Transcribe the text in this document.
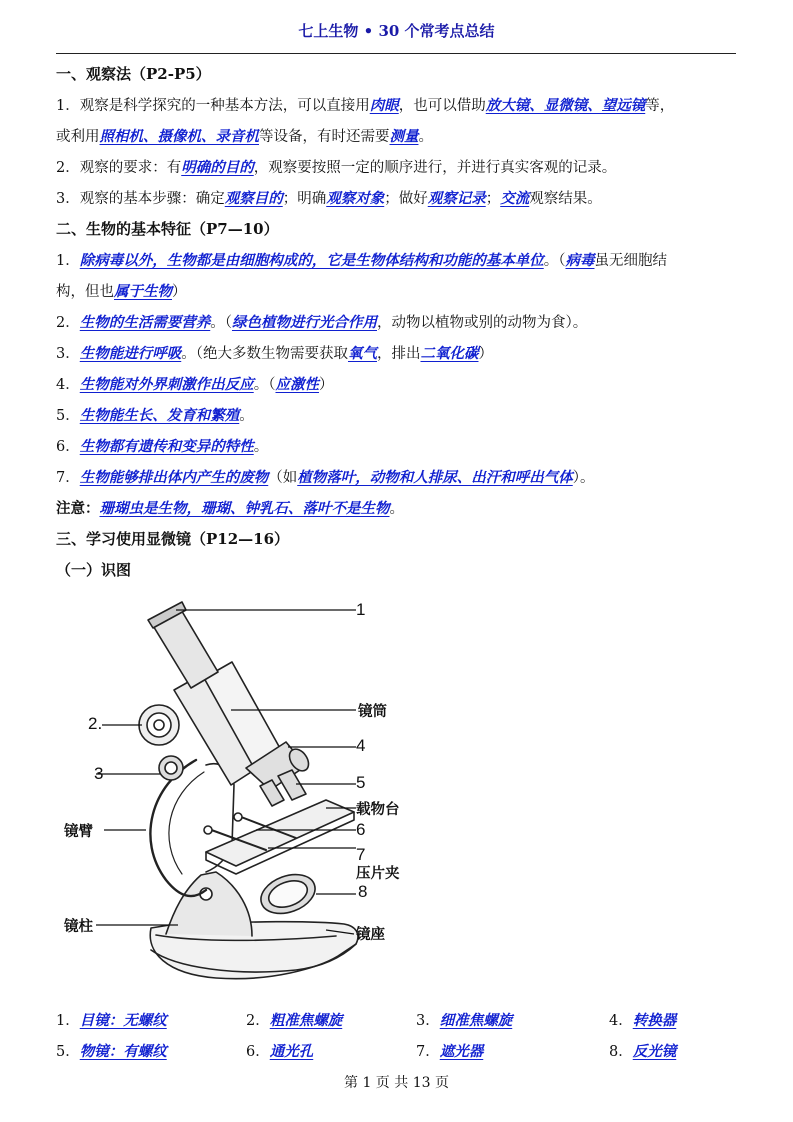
七上生物 • 30 个常考点总结
一、观察法（P2-P5）
1．观察是科学探究的一种基本方法，可以直接用肉眼，也可以借助放大镜、显微镜、望远镜等，
或利用照相机、摄像机、录音机等设备，有时还需要测量。
2．观察的要求：有明确的目的，观察要按照一定的顺序进行，并进行真实客观的记录。
3．观察的基本步骤：确定观察目的；明确观察对象；做好观察记录；交流观察结果。
二、生物的基本特征（P7—10）
1．除病毒以外，生物都是由细胞构成的，它是生物体结构和功能的基本单位。（病毒虽无细胞结
构，但也属于生物）
2．生物的生活需要营养。（绿色植物进行光合作用，动物以植物或别的动物为食）。
3．生物能进行呼吸。（绝大多数生物需要获取氧气，排出二氧化碳）
4．生物能对外界刺激作出反应。（应激性）
5．生物能生长、发育和繁殖。
6．生物都有遗传和变异的特性。
7．生物能够排出体内产生的废物（如植物落叶，动物和人排尿、出汗和呼出气体）。
注意：珊瑚虫是生物，珊瑚、钟乳石、落叶不是生物。
三、学习使用显微镜（P12—16）
（一）识图
1
2.
3
镜筒
4
5
载物台
6
7
压片夹
镜臂
8
镜柱	镜座
1．目镜：无螺纹	2．粗准焦螺旋	3．细准焦螺旋	4．转换器
5．物镜：有螺纹	6．通光孔	7．遮光器	8．反光镜
第 1 页 共 13 页
